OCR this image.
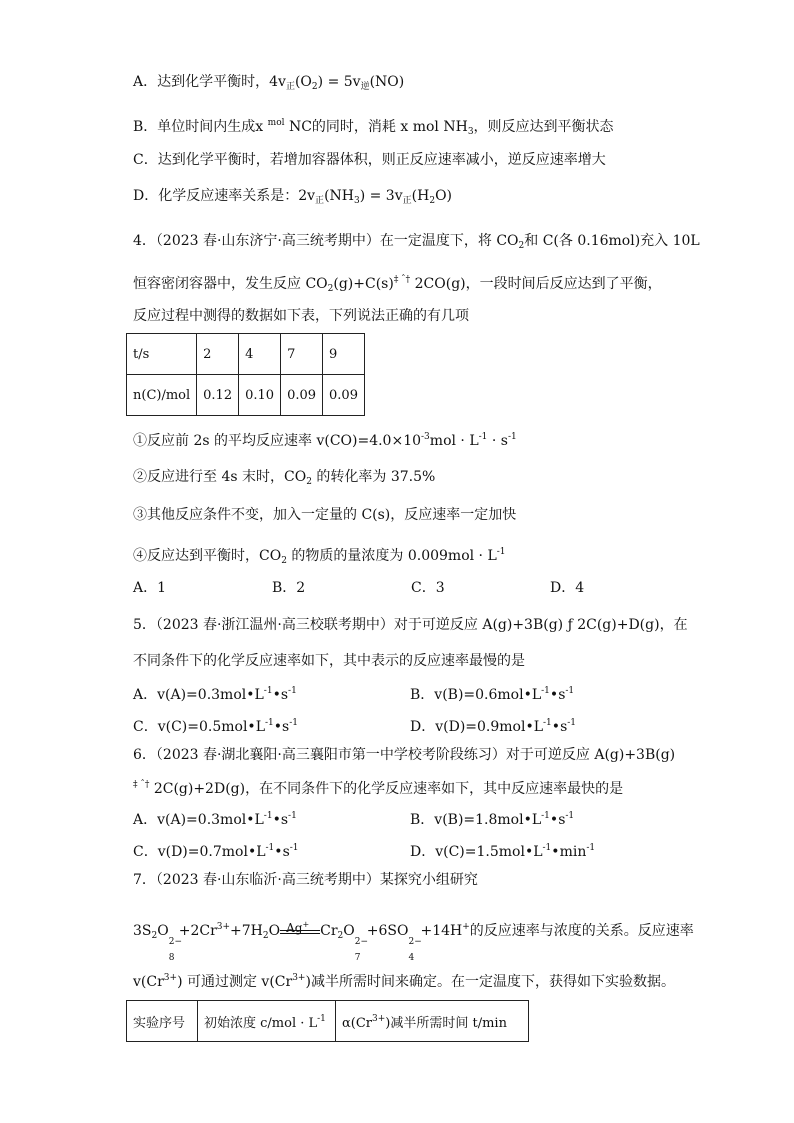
A．达到化学平衡时，$4v_正(O_2) = 5v_逆(NO)$
B．单位时间内生成x $^{mol}$ NC的同时，消耗 x mol $NH_3$，则反应达到平衡状态
C．达到化学平衡时，若增加容器体积，则正反应速率减小，逆反应速率增大
D．化学反应速率关系是：$2v_正(NH_3) = 3v_正(H_2O)$
4．（2023 春·山东济宁·高三统考期中）在一定温度下，将 $CO_2$和 C(各 0.16mol)充入 10L
恒容密闭容器中，发生反应 $CO_2(g)+C(s)^{\ddagger ˆ\dagger}$ 2CO(g)，一段时间后反应达到了平衡，
反应过程中测得的数据如下表，下列说法正确的有几项
t/s	2	4	7	9
n(C)/mol	0.12	0.10	0.09	0.09
①反应前 2s 的平均反应速率 $v(CO)=4.0\times 10^{-3}mol \cdot L^{-1} \cdot s^{-1}$
②反应进行至 4s 末时，$CO_2$ 的转化率为 37.5%
③其他反应条件不变，加入一定量的 C(s)，反应速率一定加快
④反应达到平衡时，$CO_2$ 的物质的量浓度为 $0.009mol \cdot L^{-1}$
A．1	B．2	C．3	D．4
5．（2023 春·浙江温州·高三校联考期中）对于可逆反应 A(g)+3B(g) ƒ 2C(g)+D(g)，在
不同条件下的化学反应速率如下，其中表示的反应速率最慢的是
A．$v(A)=0.3mol•L^{-1}•s^{-1}$	B．$v(B)=0.6mol•L^{-1}•s^{-1}$
C．$v(C)=0.5mol•L^{-1}•s^{-1}$	D．$v(D)=0.9mol•L^{-1}•s^{-1}$
6．（2023 春·湖北襄阳·高三襄阳市第一中学校考阶段练习）对于可逆反应 A(g)+3B(g)
$^{\ddagger ˆ\dagger}$ 2C(g)+2D(g)，在不同条件下的化学反应速率如下，其中反应速率最快的是
A．$v(A)=0.3mol•L^{-1}•s^{-1}$	B．$v(B)=1.8mol•L^{-1}•s^{-1}$
C．$v(D)=0.7mol•L^{-1}•s^{-1}$	D．$v(C)=1.5mol•L^{-1}•\min^{-1}$
7．（2023 春·山东临沂·高三统考期中）某探究小组研究
$3S_2O$
2−
8
$+2Cr^{3+}+7H_2O$ Ag+ $Cr_2O$
2−
7
+6SO
2−
4
+14H+的反应速率与浓度的关系。反应速率
$v(Cr^{3+})$ 可通过测定 $v(Cr^{3+})$减半所需时间来确定。在一定温度下，获得如下实验数据。
实验序号	初始浓度 $c/mol \cdot L^{-1}$	$\alpha(Cr^{3+})$减半所需时间 t/min
